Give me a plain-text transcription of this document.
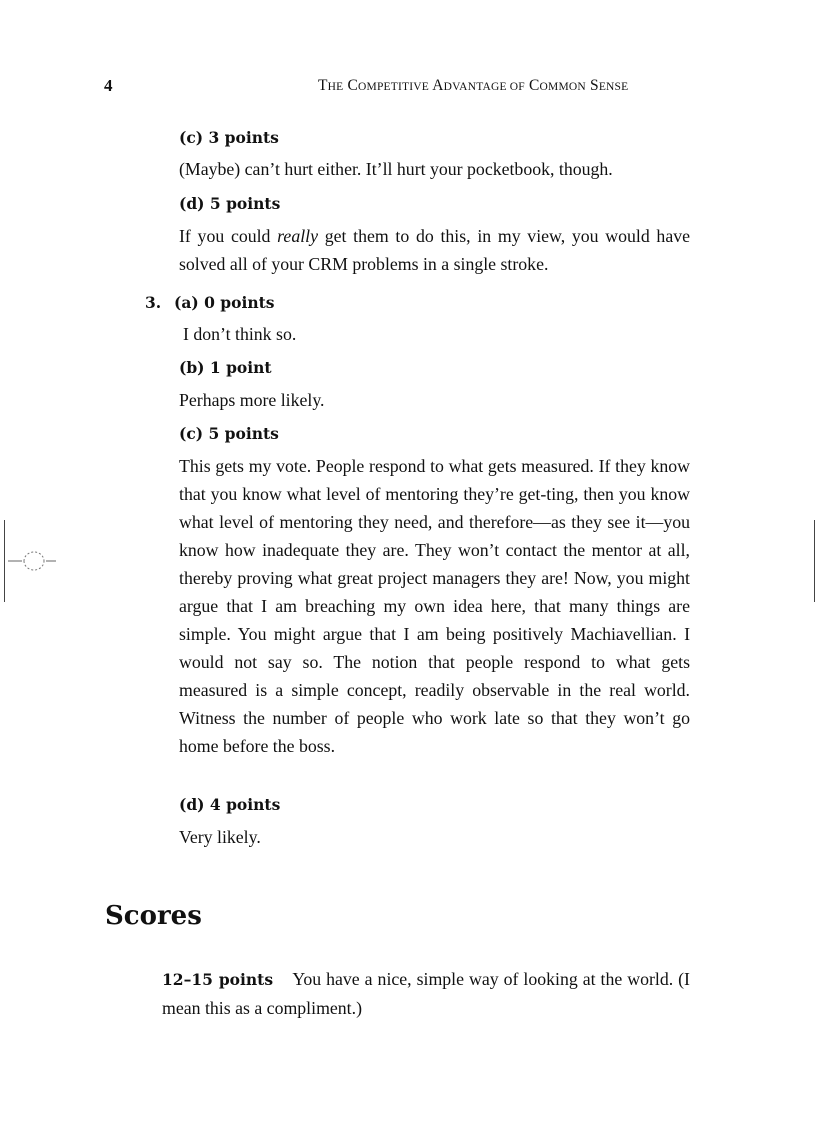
4	THE COMPETITIVE ADVANTAGE OF COMMON SENSE
(c) 3 points
(Maybe) can’t hurt either. It’ll hurt your pocketbook, though.
(d) 5 points
If you could really get them to do this, in my view, you would have solved all of your CRM problems in a single stroke.
3. (a) 0 points
I don’t think so.
(b) 1 point
Perhaps more likely.
(c) 5 points
This gets my vote. People respond to what gets measured. If they know that you know what level of mentoring they’re get-ting, then you know what level of mentoring they need, and therefore—as they see it—you know how inadequate they are. They won’t contact the mentor at all, thereby proving what great project managers they are! Now, you might argue that I am breaching my own idea here, that many things are simple. You might argue that I am being positively Machiavellian. I would not say so. The notion that people respond to what gets measured is a simple concept, readily observable in the real world. Witness the number of people who work late so that they won’t go home before the boss.
(d) 4 points
Very likely.
Scores
12–15 points You have a nice, simple way of looking at the world. (I mean this as a compliment.)
